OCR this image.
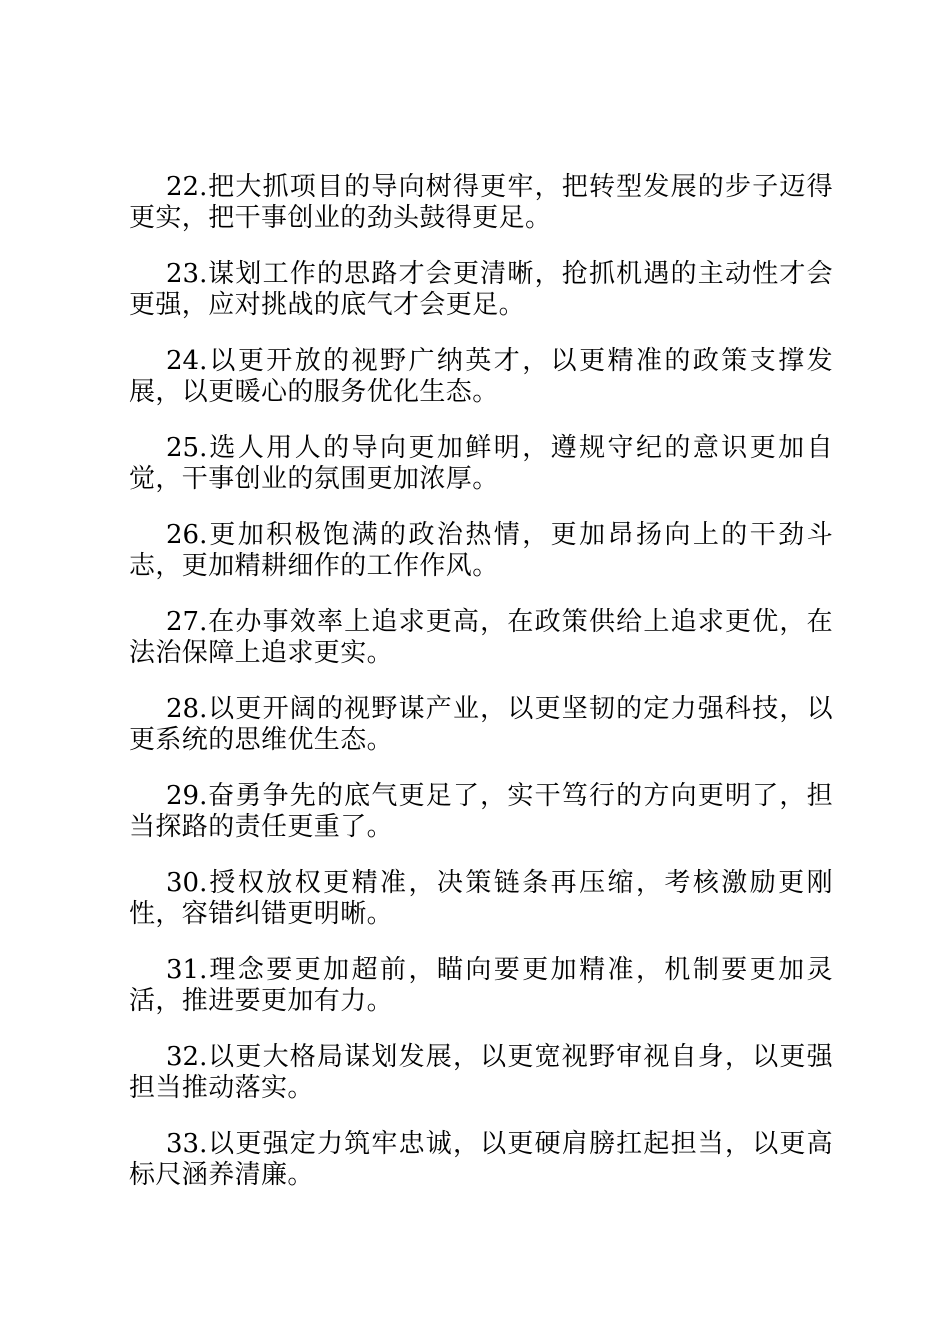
22.把大抓项目的导向树得更牢，把转型发展的步子迈得更实，把干事创业的劲头鼓得更足。

23.谋划工作的思路才会更清晰，抢抓机遇的主动性才会更强，应对挑战的底气才会更足。

24.以更开放的视野广纳英才，以更精准的政策支撑发展，以更暖心的服务优化生态。

25.选人用人的导向更加鲜明，遵规守纪的意识更加自觉，干事创业的氛围更加浓厚。

26.更加积极饱满的政治热情，更加昂扬向上的干劲斗志，更加精耕细作的工作作风。

27.在办事效率上追求更高，在政策供给上追求更优，在法治保障上追求更实。

28.以更开阔的视野谋产业，以更坚韧的定力强科技，以更系统的思维优生态。

29.奋勇争先的底气更足了，实干笃行的方向更明了，担当探路的责任更重了。

30.授权放权更精准，决策链条再压缩，考核激励更刚性，容错纠错更明晰。

31.理念要更加超前，瞄向要更加精准，机制要更加灵活，推进要更加有力。

32.以更大格局谋划发展，以更宽视野审视自身，以更强担当推动落实。

33.以更强定力筑牢忠诚，以更硬肩膀扛起担当，以更高标尺涵养清廉。
